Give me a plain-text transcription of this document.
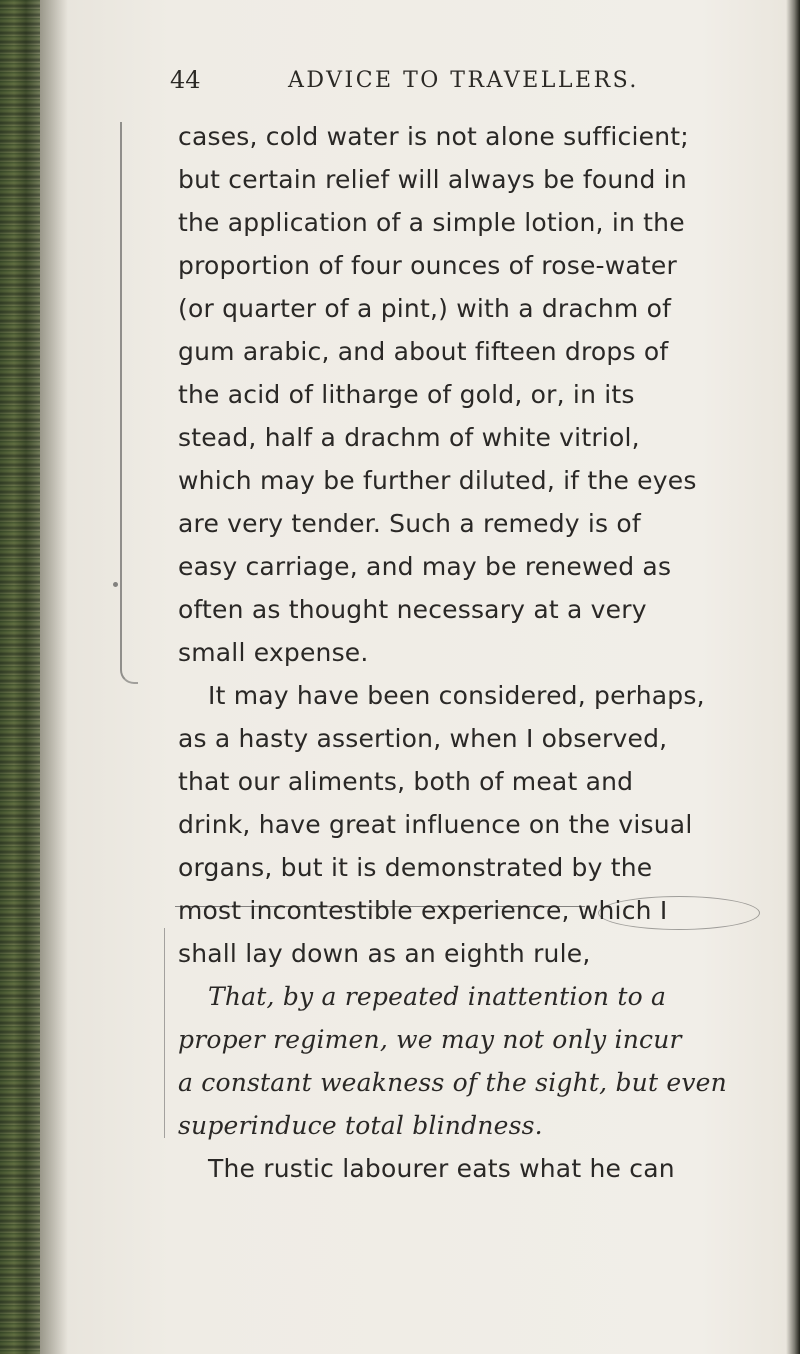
44	ADVICE TO TRAVELLERS.
cases, cold water is not alone sufficient;
but certain relief will always be found in
the application of a simple lotion, in the
proportion of four ounces of rose-water
(or quarter of a pint,) with a drachm of
gum arabic, and about fifteen drops of
the acid of litharge of gold, or, in its
stead, half a drachm of white vitriol,
which may be further diluted, if the eyes
are very tender. Such a remedy is of
easy carriage, and may be renewed as
often as thought necessary at a very
small expense.
It may have been considered, perhaps,
as a hasty assertion, when I observed,
that our aliments, both of meat and
drink, have great influence on the visual
organs, but it is demonstrated by the
most incontestible experience, which I
shall lay down as an eighth rule,
That, by a repeated inattention to a
proper regimen, we may not only incur
a constant weakness of the sight, but even
superinduce total blindness.
The rustic labourer eats what he can
